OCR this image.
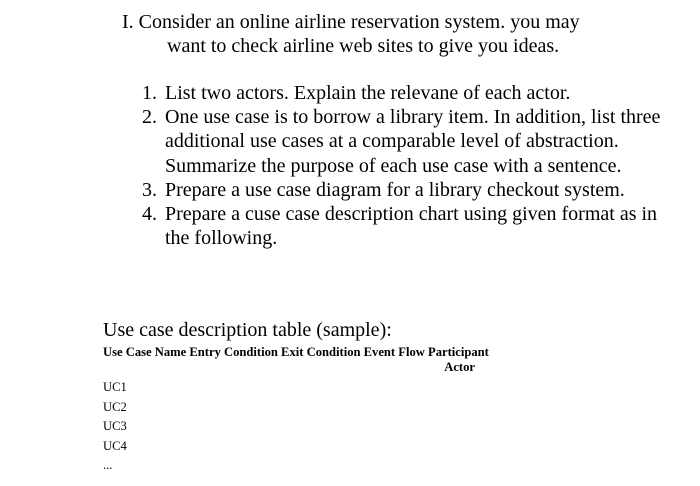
I. Consider an online airline reservation system. you may
want to check airline web sites to give you ideas.

1. List two actors. Explain the relevane of each actor.
2. One use case is to borrow a library item. In addition, list three additional use cases at a comparable level of abstraction. Summarize the purpose of each use case with a sentence.
3. Prepare a use case diagram for a library checkout system.
4. Prepare a cuse case description chart using given format as in the following.

Use case description table (sample):

Use Case Name Entry Condition Exit Condition Event Flow Participant
Actor
UC1
UC2
UC3
UC4
...
